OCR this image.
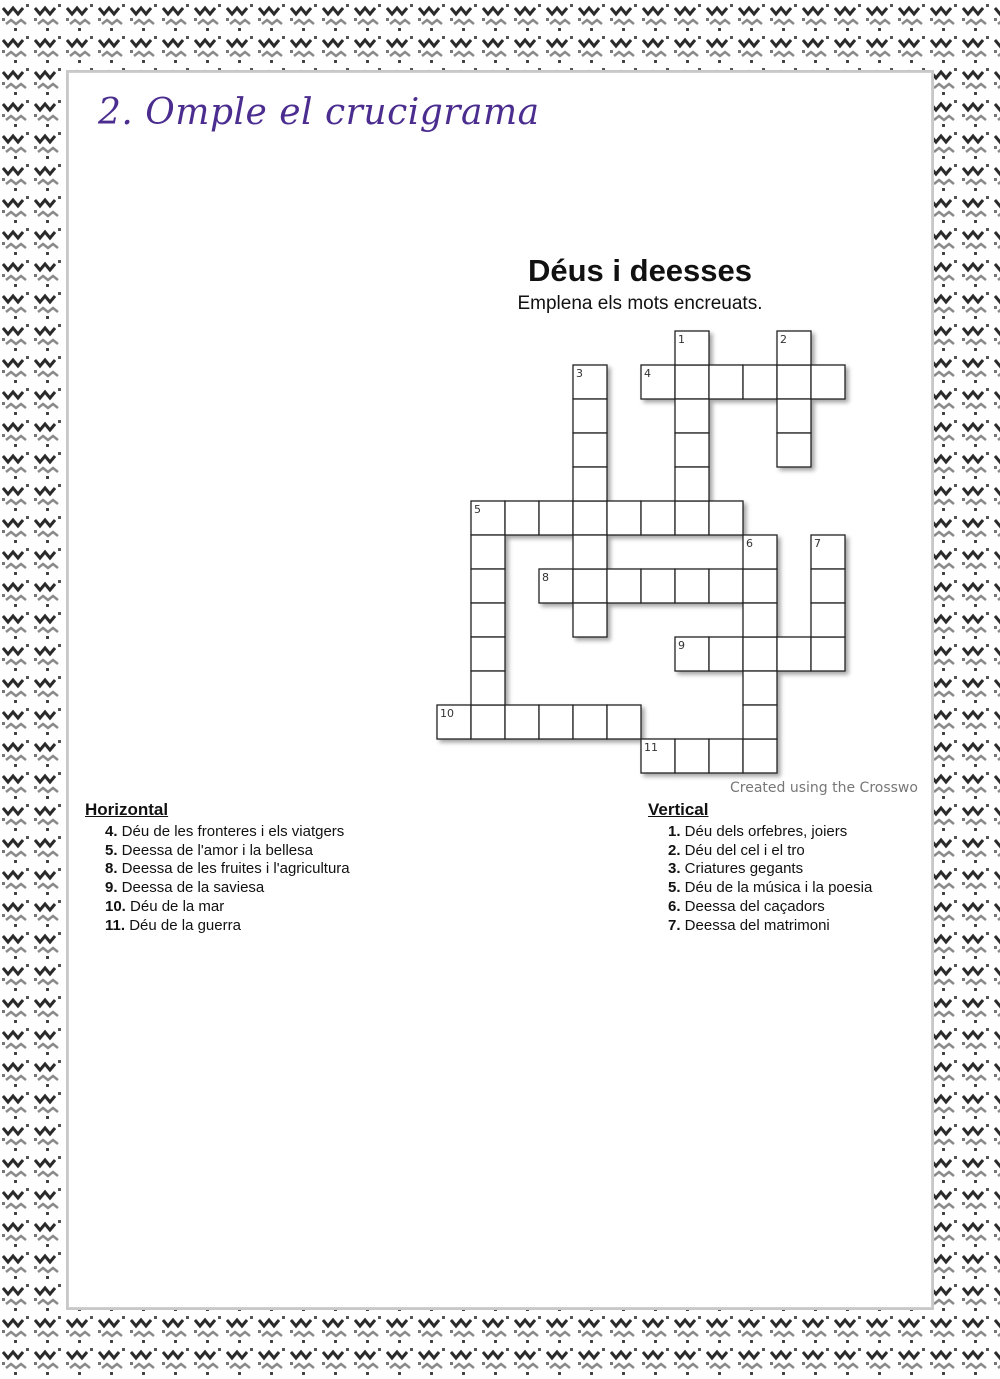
2. Omple el crucigrama
Déus i deesses
Emplena els mots encreuats.
4
5
8
9
10
11
1	2
3
6	7
Created using the Crosswo
Horizontal
4. Déu de les fronteres i els viatgers
5. Deessa de l'amor i la bellesa
8. Deessa de les fruites i l'agricultura
9. Deessa de la saviesa
10. Déu de la mar
11. Déu de la guerra
Vertical
1. Déu dels orfebres, joiers
2. Déu del cel i el tro
3. Criatures gegants
5. Déu de la música i la poesia
6. Deessa del caçadors
7. Deessa del matrimoni
